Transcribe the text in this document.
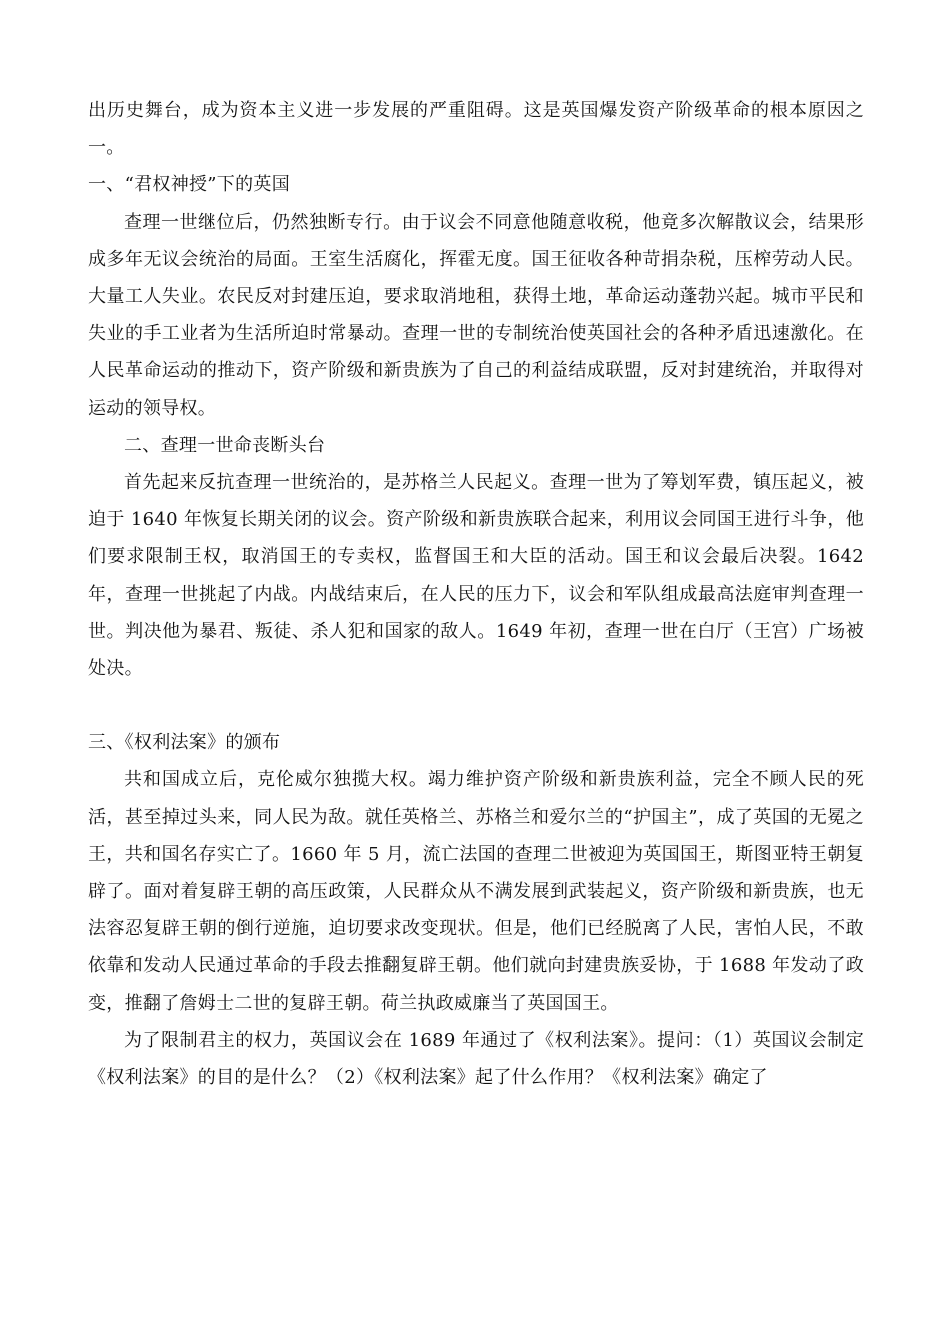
出历史舞台，成为资本主义进一步发展的严重阻碍。这是英国爆发资产阶级革命的根本原因之一。

一、“君权神授”下的英国

查理一世继位后，仍然独断专行。由于议会不同意他随意收税，他竟多次解散议会，结果形成多年无议会统治的局面。王室生活腐化，挥霍无度。国王征收各种苛捐杂税，压榨劳动人民。大量工人失业。农民反对封建压迫，要求取消地租，获得土地，革命运动蓬勃兴起。城市平民和失业的手工业者为生活所迫时常暴动。查理一世的专制统治使英国社会的各种矛盾迅速激化。在人民革命运动的推动下，资产阶级和新贵族为了自己的利益结成联盟，反对封建统治，并取得对运动的领导权。

二、查理一世命丧断头台

首先起来反抗查理一世统治的，是苏格兰人民起义。查理一世为了筹划军费，镇压起义，被迫于 1640 年恢复长期关闭的议会。资产阶级和新贵族联合起来，利用议会同国王进行斗争，他们要求限制王权，取消国王的专卖权，监督国王和大臣的活动。国王和议会最后决裂。1642 年，查理一世挑起了内战。内战结束后，在人民的压力下，议会和军队组成最高法庭审判查理一世。判决他为暴君、叛徒、杀人犯和国家的敌人。1649 年初，查理一世在白厅（王宫）广场被处决。

三、《权利法案》的颁布

共和国成立后，克伦威尔独揽大权。竭力维护资产阶级和新贵族利益，完全不顾人民的死活，甚至掉过头来，同人民为敌。就任英格兰、苏格兰和爱尔兰的“护国主”，成了英国的无冕之王，共和国名存实亡了。1660 年 5 月，流亡法国的查理二世被迎为英国国王，斯图亚特王朝复辟了。面对着复辟王朝的高压政策，人民群众从不满发展到武装起义，资产阶级和新贵族，也无法容忍复辟王朝的倒行逆施，迫切要求改变现状。但是，他们已经脱离了人民，害怕人民，不敢依靠和发动人民通过革命的手段去推翻复辟王朝。他们就向封建贵族妥协，于 1688 年发动了政变，推翻了詹姆士二世的复辟王朝。荷兰执政威廉当了英国国王。

为了限制君主的权力，英国议会在 1689 年通过了《权利法案》。提问：（1）英国议会制定《权利法案》的目的是什么？（2）《权利法案》起了什么作用？《权利法案》确定了
